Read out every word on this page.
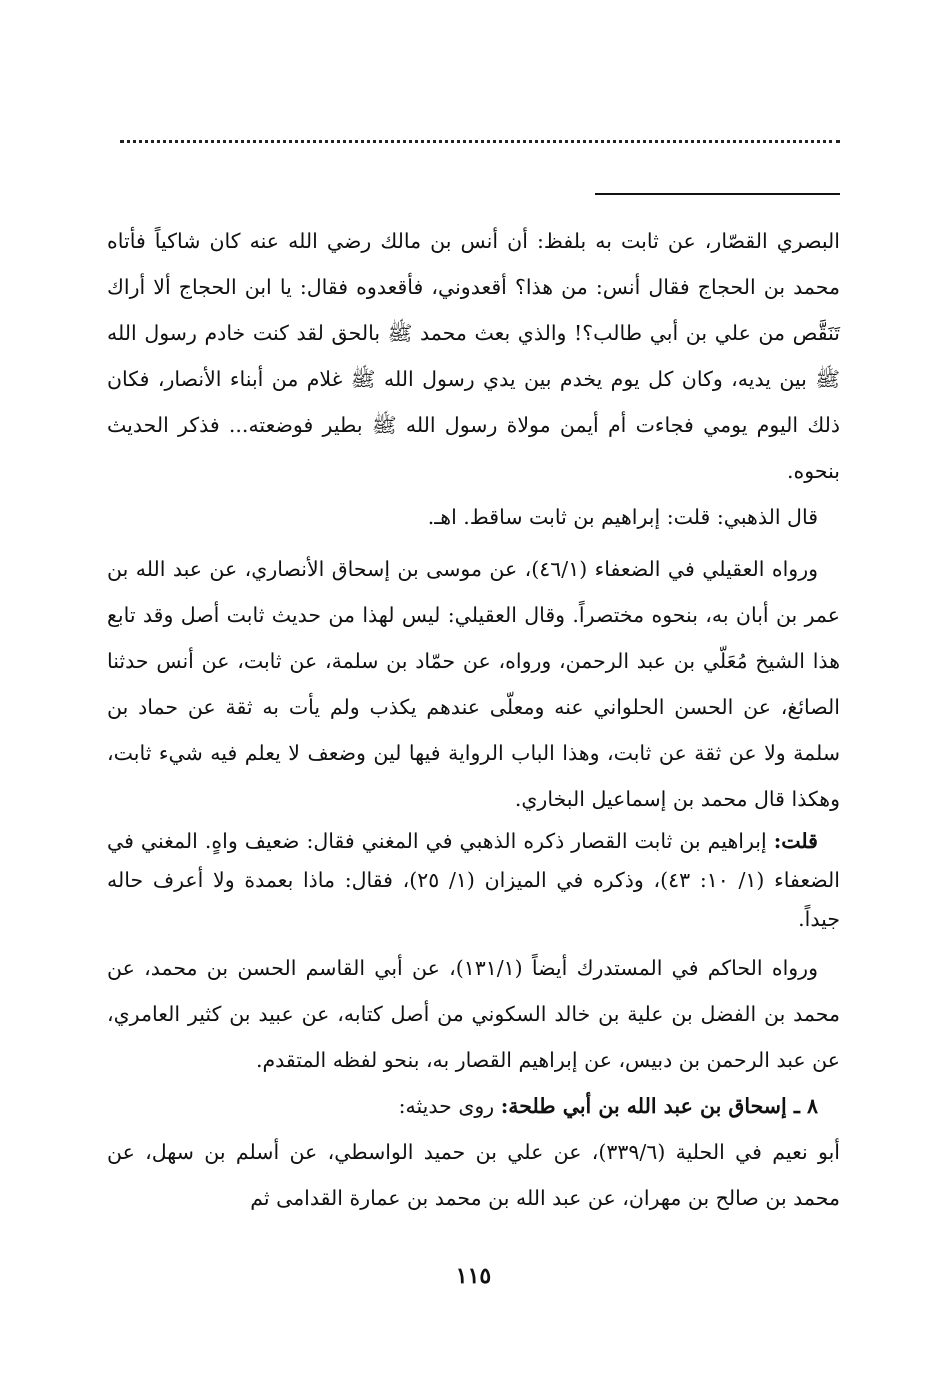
البصري القصّار، عن ثابت به بلفظ: أن أنس بن مالك رضي الله عنه كان شاكياً فأتاه محمد بن الحجاج فقال أنس: من هذا؟ أقعدوني، فأقعدوه فقال: يا ابن الحجاج ألا أراك تَنَقَّص من علي بن أبي طالب؟! والذي بعث محمد ﷺ بالحق لقد كنت خادم رسول الله ﷺ بين يديه، وكان كل يوم يخدم بين يدي رسول الله ﷺ غلام من أبناء الأنصار، فكان ذلك اليوم يومي فجاءت أم أيمن مولاة رسول الله ﷺ بطير فوضعته... فذكر الحديث بنحوه.

قال الذهبي: قلت: إبراهيم بن ثابت ساقط. اهـ.

ورواه العقيلي في الضعفاء (٤٦/١)، عن موسى بن إسحاق الأنصاري، عن عبد الله بن عمر بن أبان به، بنحوه مختصراً. وقال العقيلي: ليس لهذا من حديث ثابت أصل وقد تابع هذا الشيخ مُعَلّي بن عبد الرحمن، ورواه، عن حمّاد بن سلمة، عن ثابت، عن أنس حدثنا الصائغ، عن الحسن الحلواني عنه ومعلّى عندهم يكذب ولم يأت به ثقة عن حماد بن سلمة ولا عن ثقة عن ثابت، وهذا الباب الرواية فيها لين وضعف لا يعلم فيه شيء ثابت، وهكذا قال محمد بن إسماعيل البخاري.

قلت: إبراهيم بن ثابت القصار ذكره الذهبي في المغني فقال: ضعيف واهٍ. المغني في الضعفاء (١/ ١٠: ٤٣)، وذكره في الميزان (١/ ٢٥)، فقال: ماذا بعمدة ولا أعرف حاله جيداً.

ورواه الحاكم في المستدرك أيضاً (١٣١/١)، عن أبي القاسم الحسن بن محمد، عن محمد بن الفضل بن علية بن خالد السكوني من أصل كتابه، عن عبيد بن كثير العامري، عن عبد الرحمن بن دبيس، عن إبراهيم القصار به، بنحو لفظه المتقدم.

٨ ـ إسحاق بن عبد الله بن أبي طلحة: روى حديثه:

أبو نعيم في الحلية (٣٣٩/٦)، عن علي بن حميد الواسطي، عن أسلم بن سهل، عن محمد بن صالح بن مهران، عن عبد الله بن محمد بن عمارة القدامى ثم

١١٥
